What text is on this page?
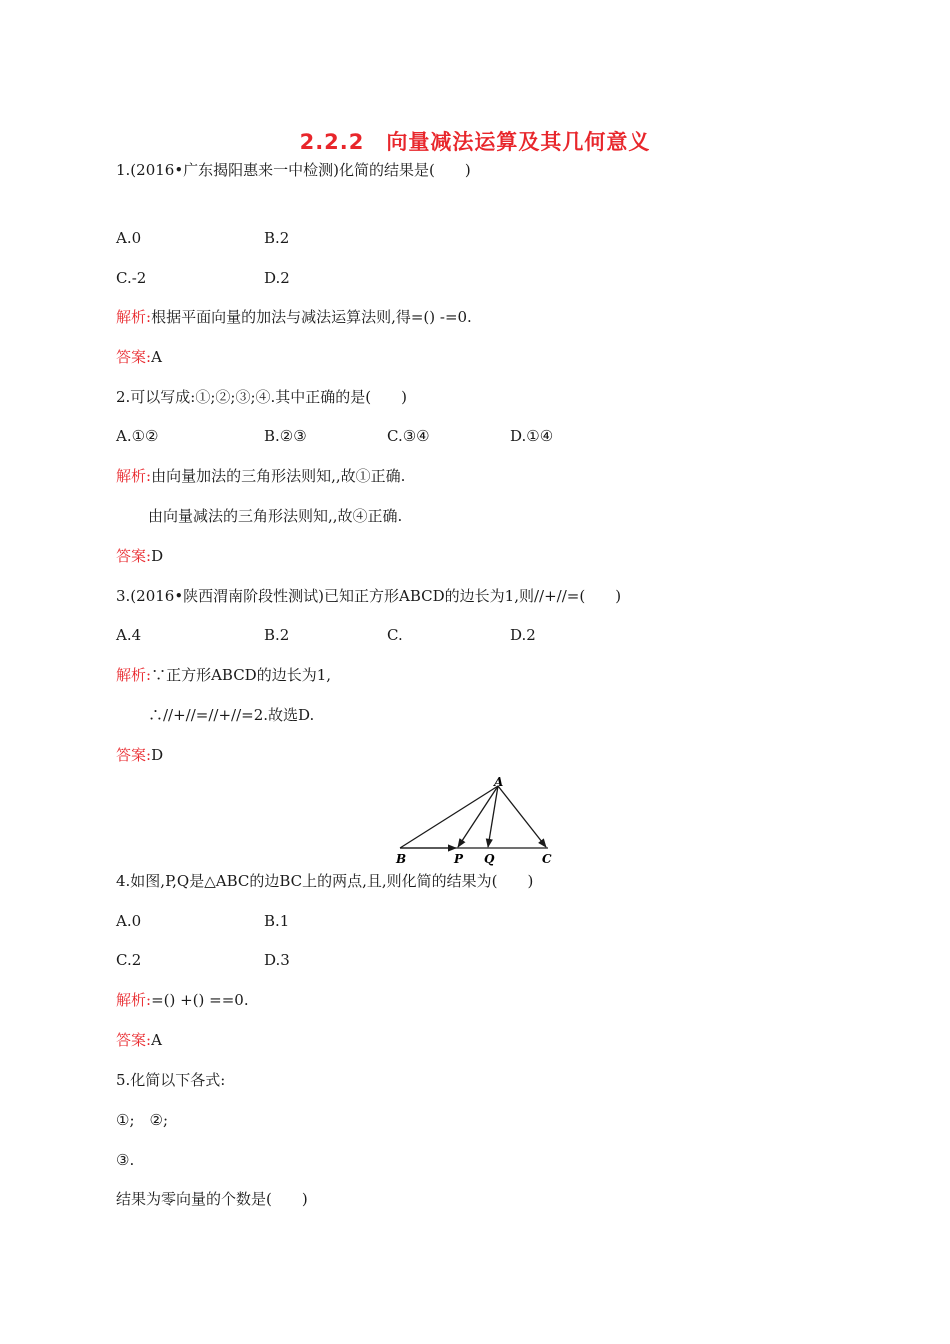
2.2.2　向量减法运算及其几何意义
1.(2016•广东揭阳惠来一中检测)化简的结果是(　　)
A.0	B.2
C.-2	D.2
解析:根据平面向量的加法与减法运算法则,得=() -=0.
答案:A
2.可以写成:①;②;③;④.其中正确的是(　　)
A.①②	B.②③	C.③④	D.①④
解析:由向量加法的三角形法则知,,故①正确.
由向量减法的三角形法则知,,故④正确.
答案:D
3.(2016•陕西渭南阶段性测试)已知正方形ABCD的边长为1,则//+//=(　　)
A.4	B.2	C.	D.2
解析:∵正方形ABCD的边长为1,
∴//+//=//+//=2.故选D.
答案:D
A
B	P Q	C
4.如图,P,Q是△ABC的边BC上的两点,且,则化简的结果为(　　)
A.0	B.1
C.2	D.3
解析:=() +() ==0.
答案:A
5.化简以下各式:
①;　②;
③.
结果为零向量的个数是(　　)
